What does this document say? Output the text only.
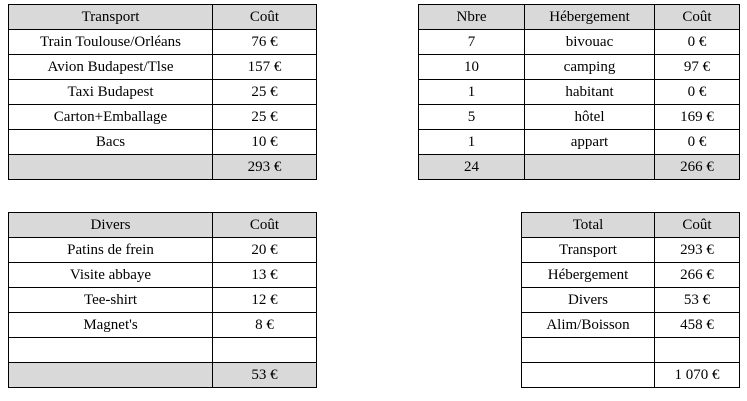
Transport	Coût
Train Toulouse/Orléans	76 €
Avion Budapest/Tlse	157 €
Taxi Budapest	25 €
Carton+Emballage	25 €
Bacs	10 €
	293 €
Nbre	Hébergement	Coût
7	bivouac	0 €
10	camping	97 €
1	habitant	0 €
5	hôtel	169 €
1	appart	0 €
24		266 €
Divers	Coût
Patins de frein	20 €
Visite abbaye	13 €
Tee-shirt	12 €
Magnet's	8 €

	53 €
Total	Coût
Transport	293 €
Hébergement	266 €
Divers	53 €
Alim/Boisson	458 €

	1 070 €
